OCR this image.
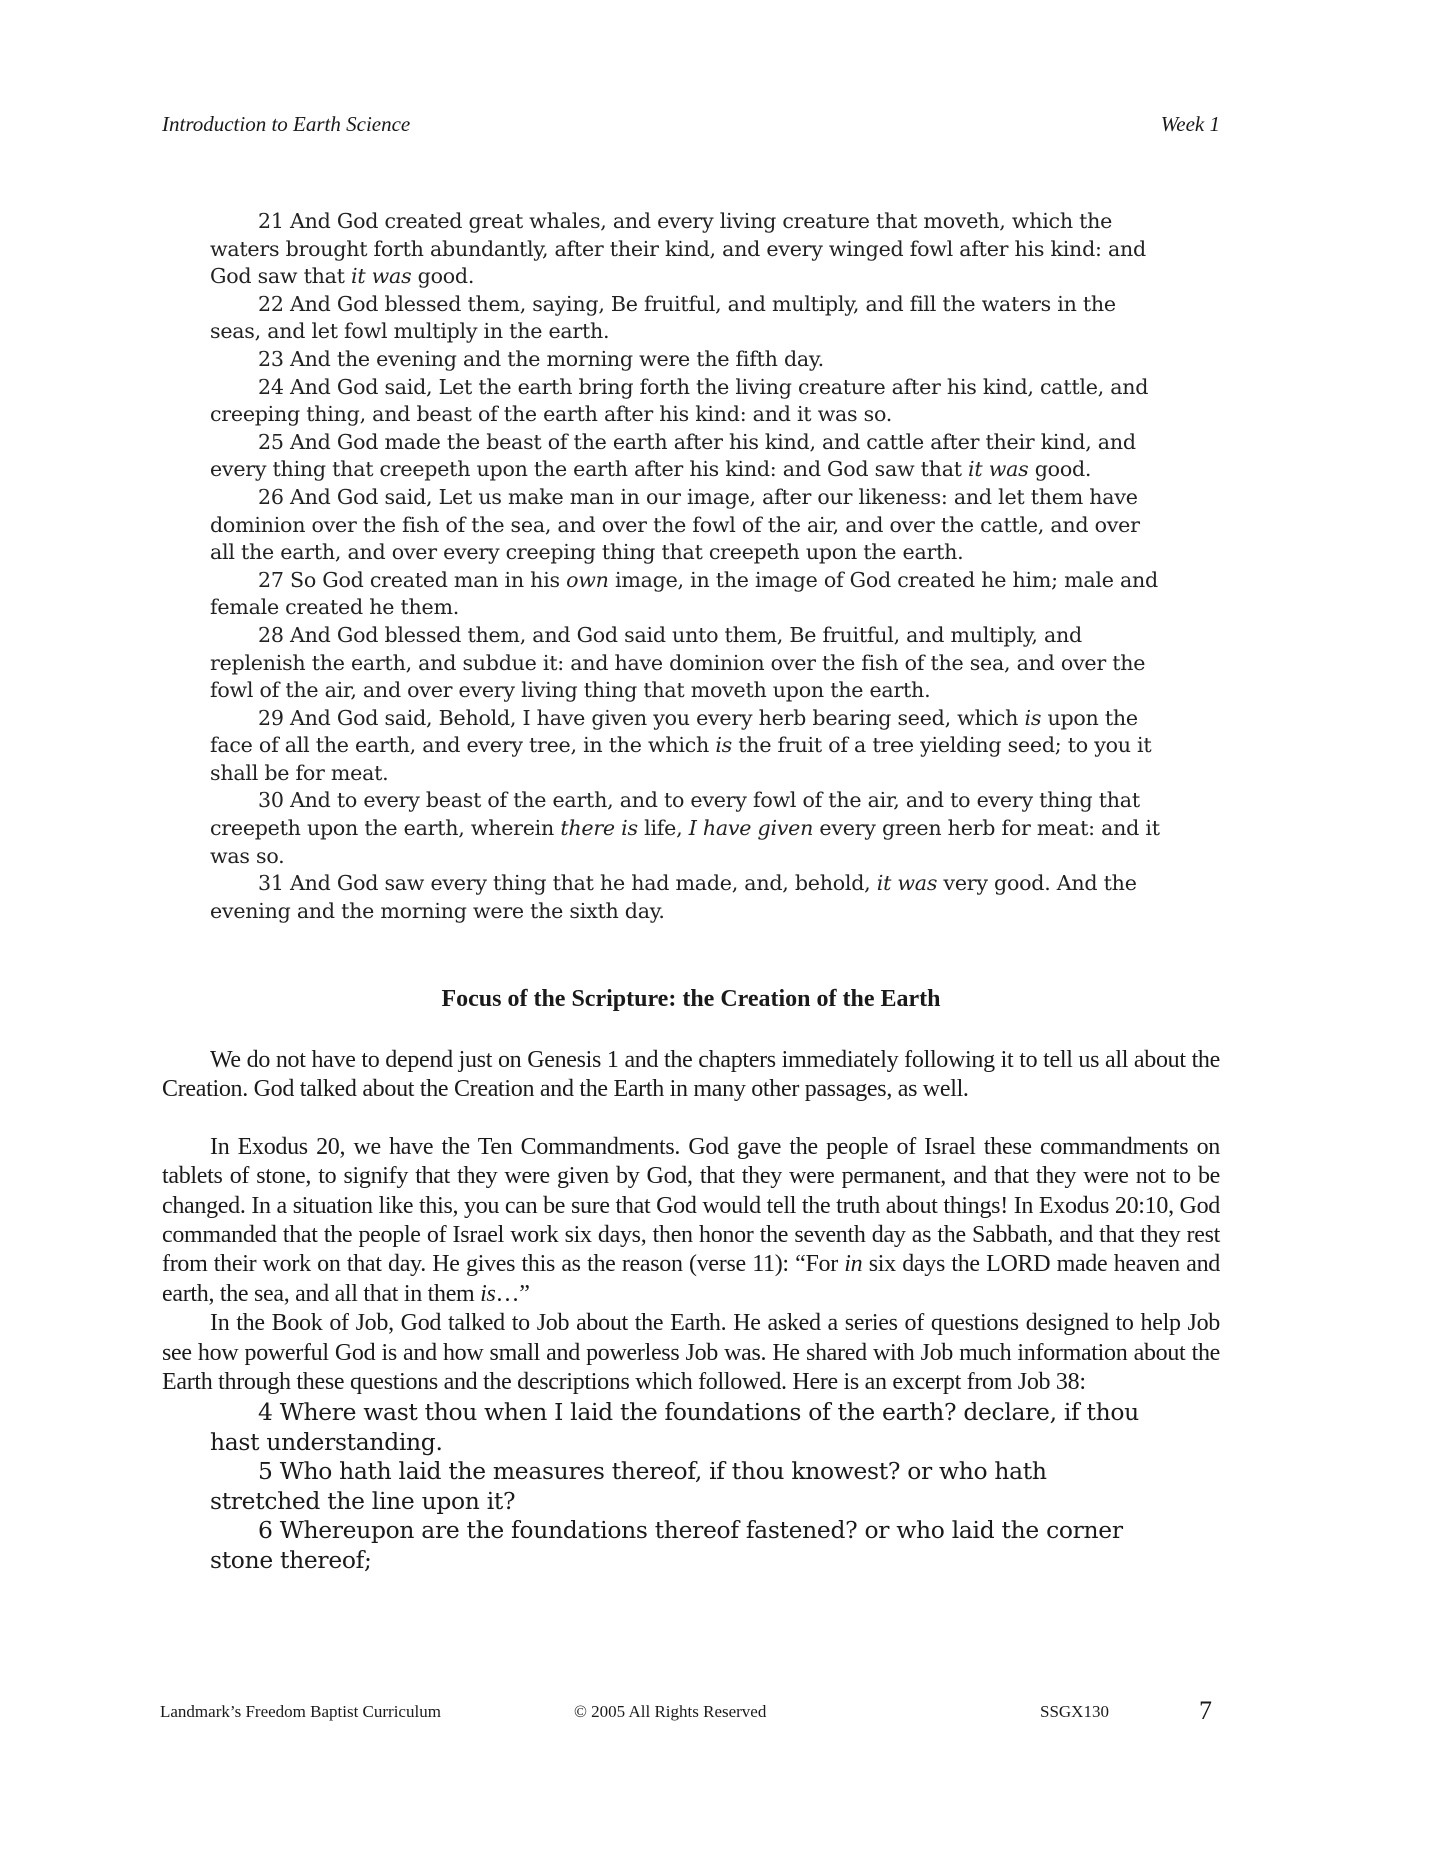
Introduction to Earth Science	Week 1

21 And God created great whales, and every living creature that moveth, which the waters brought forth abundantly, after their kind, and every winged fowl after his kind: and God saw that it was good.

22 And God blessed them, saying, Be fruitful, and multiply, and fill the waters in the seas, and let fowl multiply in the earth.

23 And the evening and the morning were the fifth day.

24 And God said, Let the earth bring forth the living creature after his kind, cattle, and creeping thing, and beast of the earth after his kind: and it was so.

25 And God made the beast of the earth after his kind, and cattle after their kind, and every thing that creepeth upon the earth after his kind: and God saw that it was good.

26 And God said, Let us make man in our image, after our likeness: and let them have dominion over the fish of the sea, and over the fowl of the air, and over the cattle, and over all the earth, and over every creeping thing that creepeth upon the earth.

27 So God created man in his own image, in the image of God created he him; male and female created he them.

28 And God blessed them, and God said unto them, Be fruitful, and multiply, and replenish the earth, and subdue it: and have dominion over the fish of the sea, and over the fowl of the air, and over every living thing that moveth upon the earth.

29 And God said, Behold, I have given you every herb bearing seed, which is upon the face of all the earth, and every tree, in the which is the fruit of a tree yielding seed; to you it shall be for meat.

30 And to every beast of the earth, and to every fowl of the air, and to every thing that creepeth upon the earth, wherein there is life, I have given every green herb for meat: and it was so.

31 And God saw every thing that he had made, and, behold, it was very good. And the evening and the morning were the sixth day.

Focus of the Scripture: the Creation of the Earth

We do not have to depend just on Genesis 1 and the chapters immediately following it to tell us all about the Creation. God talked about the Creation and the Earth in many other passages, as well.

In Exodus 20, we have the Ten Commandments. God gave the people of Israel these commandments on tablets of stone, to signify that they were given by God, that they were permanent, and that they were not to be changed. In a situation like this, you can be sure that God would tell the truth about things! In Exodus 20:10, God commanded that the people of Israel work six days, then honor the seventh day as the Sabbath, and that they rest from their work on that day. He gives this as the reason (verse 11): “For in six days the LORD made heaven and earth, the sea, and all that in them is…”

In the Book of Job, God talked to Job about the Earth. He asked a series of questions designed to help Job see how powerful God is and how small and powerless Job was. He shared with Job much information about the Earth through these questions and the descriptions which followed. Here is an excerpt from Job 38:

4 Where wast thou when I laid the foundations of the earth? declare, if thou hast understanding.

5 Who hath laid the measures thereof, if thou knowest? or who hath stretched the line upon it?

6 Whereupon are the foundations thereof fastened? or who laid the corner stone thereof;

Landmark’s Freedom Baptist Curriculum	© 2005 All Rights Reserved	SSGX130	7
